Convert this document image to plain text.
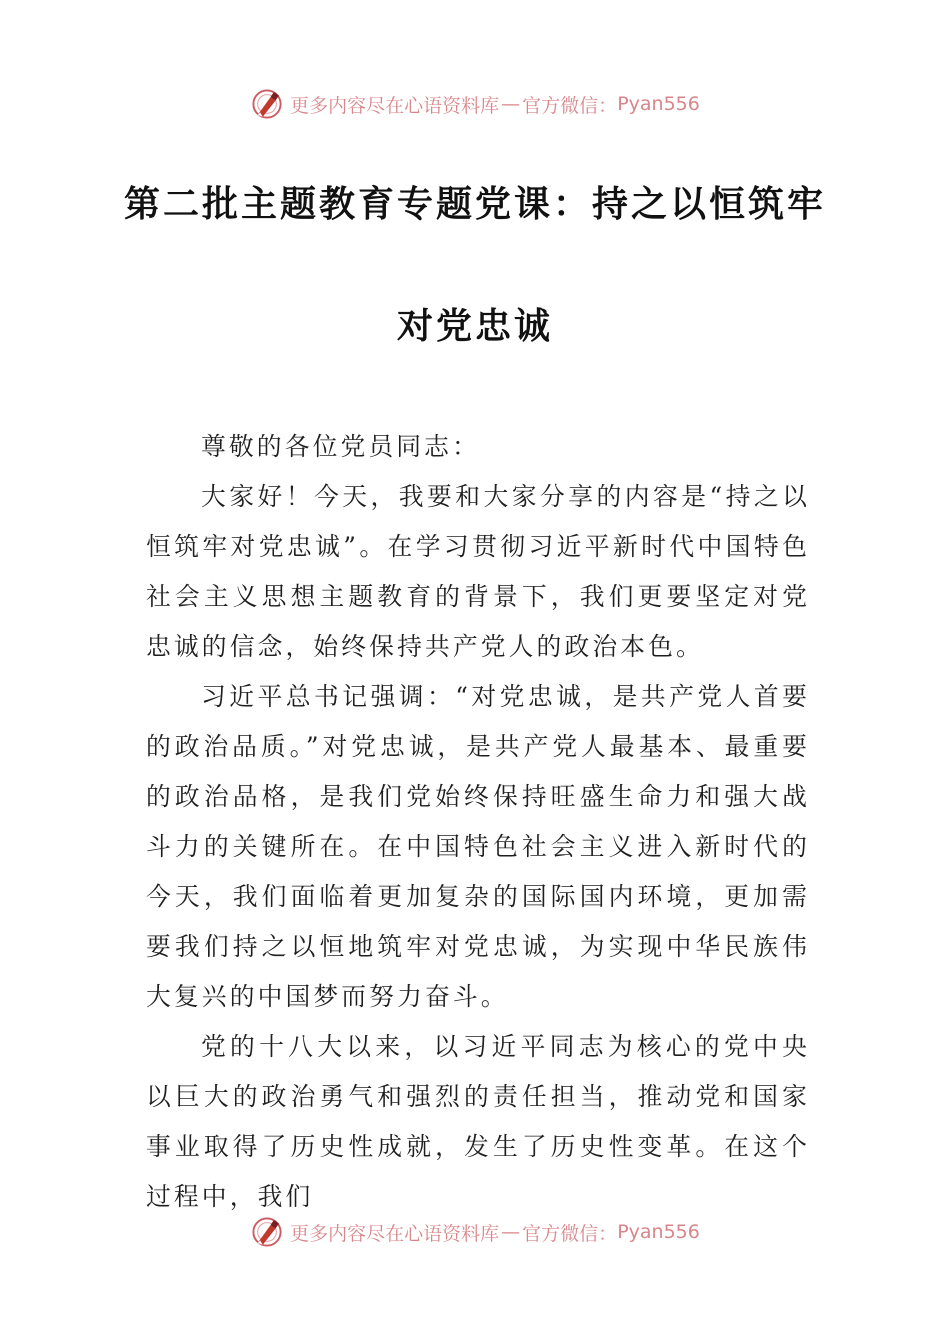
更多内容尽在心语资料库 — 官方微信： Pyan556
第二批主题教育专题党课：持之以恒筑牢
对党忠诚

尊敬的各位党员同志：

大家好！今天，我要和大家分享的内容是“持之以恒筑牢对党忠诚”。在学习贯彻习近平新时代中国特色社会主义思想主题教育的背景下，我们更要坚定对党忠诚的信念，始终保持共产党人的政治本色。

习近平总书记强调：“对党忠诚，是共产党人首要的政治品质。”对党忠诚，是共产党人最基本、最重要的政治品格，是我们党始终保持旺盛生命力和强大战斗力的关键所在。在中国特色社会主义进入新时代的今天，我们面临着更加复杂的国际国内环境，更加需要我们持之以恒地筑牢对党忠诚，为实现中华民族伟大复兴的中国梦而努力奋斗。

党的十八大以来，以习近平同志为核心的党中央以巨大的政治勇气和强烈的责任担当，推动党和国家事业取得了历史性成就，发生了历史性变革。在这个过程中，我们

更多内容尽在心语资料库 — 官方微信： Pyan556
